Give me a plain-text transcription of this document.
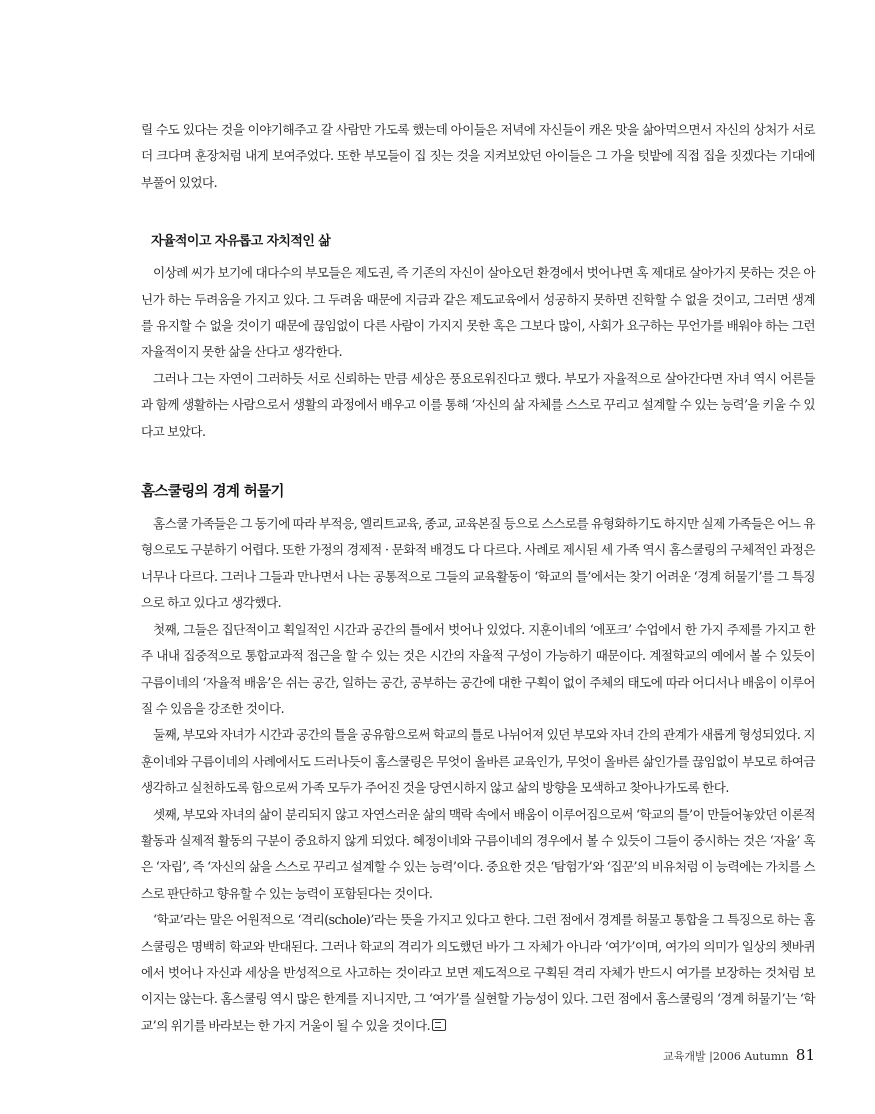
릴 수도 있다는 것을 이야기해주고 갈 사람만 가도록 했는데 아이들은 저녁에 자신들이 캐온 맛을 삶아먹으면서 자신의 상처가 서로 더 크다며 훈장처럼 내게 보여주었다. 또한 부모들이 집 짓는 것을 지켜보았던 아이들은 그 가을 텃밭에 직접 집을 짓겠다는 기대에 부풀어 있었다.

자율적이고 자유롭고 자치적인 삶

이상례 씨가 보기에 대다수의 부모들은 제도권, 즉 기존의 자신이 살아오던 환경에서 벗어나면 혹 제대로 살아가지 못하는 것은 아닌가 하는 두려움을 가지고 있다. 그 두려움 때문에 지금과 같은 제도교육에서 성공하지 못하면 진학할 수 없을 것이고, 그러면 생계를 유지할 수 없을 것이기 때문에 끊임없이 다른 사람이 가지지 못한 혹은 그보다 많이, 사회가 요구하는 무언가를 배워야 하는 그런 자율적이지 못한 삶을 산다고 생각한다.

그러나 그는 자연이 그러하듯 서로 신뢰하는 만큼 세상은 풍요로워진다고 했다. 부모가 자율적으로 살아간다면 자녀 역시 어른들과 함께 생활하는 사람으로서 생활의 과정에서 배우고 이를 통해 ‘자신의 삶 자체를 스스로 꾸리고 설계할 수 있는 능력’을 키울 수 있다고 보았다.

홈스쿨링의 경계 허물기

홈스쿨 가족들은 그 동기에 따라 부적응, 엘리트교육, 종교, 교육본질 등으로 스스로를 유형화하기도 하지만 실제 가족들은 어느 유형으로도 구분하기 어렵다. 또한 가정의 경제적 · 문화적 배경도 다 다르다. 사례로 제시된 세 가족 역시 홈스쿨링의 구체적인 과정은 너무나 다르다. 그러나 그들과 만나면서 나는 공통적으로 그들의 교육활동이 ‘학교의 틀’에서는 찾기 어려운 ‘경계 허물기’를 그 특징으로 하고 있다고 생각했다.

첫째, 그들은 집단적이고 획일적인 시간과 공간의 틀에서 벗어나 있었다. 지훈이네의 ‘에포크’ 수업에서 한 가지 주제를 가지고 한 주 내내 집중적으로 통합교과적 접근을 할 수 있는 것은 시간의 자율적 구성이 가능하기 때문이다. 계절학교의 예에서 볼 수 있듯이 구름이네의 ‘자율적 배움’은 쉬는 공간, 일하는 공간, 공부하는 공간에 대한 구획이 없이 주체의 태도에 따라 어디서나 배움이 이루어질 수 있음을 강조한 것이다.

둘째, 부모와 자녀가 시간과 공간의 틀을 공유함으로써 학교의 틀로 나뉘어져 있던 부모와 자녀 간의 관계가 새롭게 형성되었다. 지훈이네와 구름이네의 사례에서도 드러나듯이 홈스쿨링은 무엇이 올바른 교육인가, 무엇이 올바른 삶인가를 끊임없이 부모로 하여금 생각하고 실천하도록 함으로써 가족 모두가 주어진 것을 당연시하지 않고 삶의 방향을 모색하고 찾아나가도록 한다.

셋째, 부모와 자녀의 삶이 분리되지 않고 자연스러운 삶의 맥락 속에서 배움이 이루어짐으로써 ‘학교의 틀’이 만들어놓았던 이론적 활동과 실제적 활동의 구분이 중요하지 않게 되었다. 혜정이네와 구름이네의 경우에서 볼 수 있듯이 그들이 중시하는 것은 ‘자율’ 혹은 ‘자립’, 즉 ‘자신의 삶을 스스로 꾸리고 설계할 수 있는 능력’이다. 중요한 것은 ‘탐험가’와 ‘집꾼’의 비유처럼 이 능력에는 가치를 스스로 판단하고 향유할 수 있는 능력이 포함된다는 것이다.

‘학교’라는 말은 어원적으로 ‘격리(schole)’라는 뜻을 가지고 있다고 한다. 그런 점에서 경계를 허물고 통합을 그 특징으로 하는 홈스쿨링은 명백히 학교와 반대된다. 그러나 학교의 격리가 의도했던 바가 그 자체가 아니라 ‘여가’이며, 여가의 의미가 일상의 쳇바퀴에서 벗어나 자신과 세상을 반성적으로 사고하는 것이라고 보면 제도적으로 구획된 격리 자체가 반드시 여가를 보장하는 것처럼 보이지는 않는다. 홈스쿨링 역시 많은 한계를 지니지만, 그 ‘여가’를 실현할 가능성이 있다. 그런 점에서 홈스쿨링의 ‘경계 허물기’는 ‘학교’의 위기를 바라보는 한 가지 거울이 될 수 있을 것이다.

교육개발 |2006 Autumn 81
